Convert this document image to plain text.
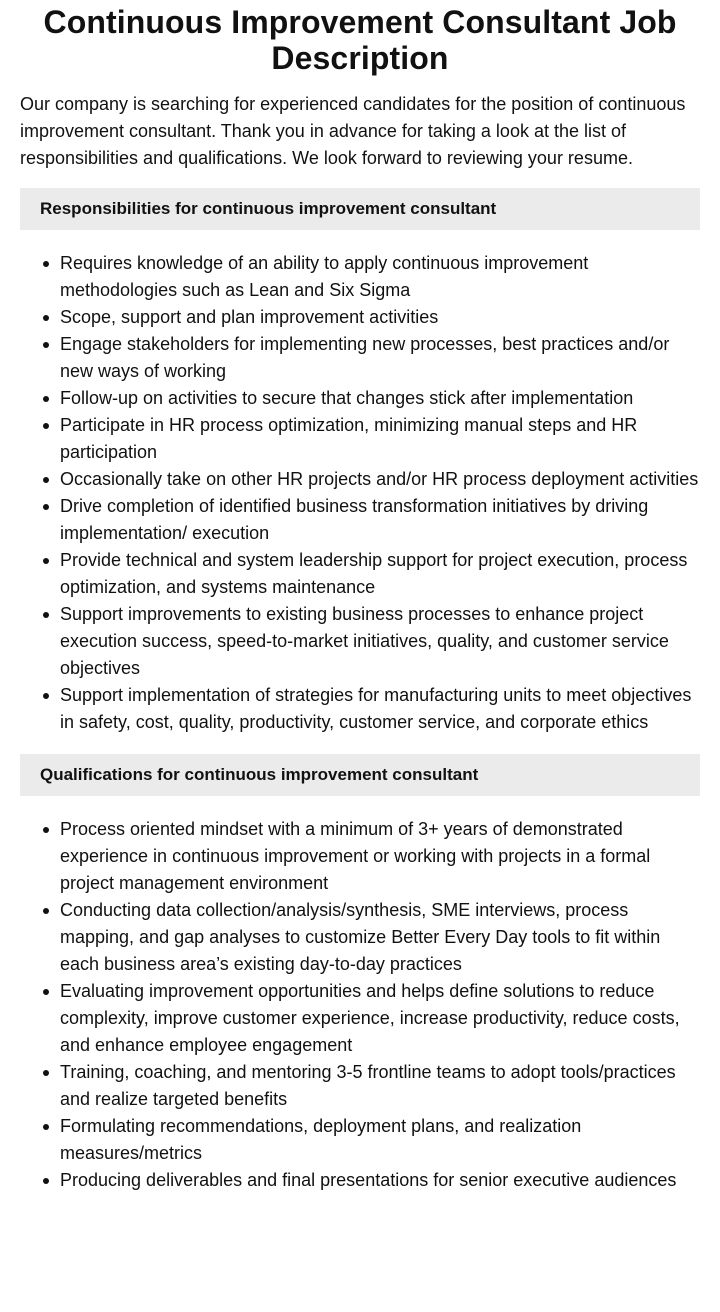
Continuous Improvement Consultant Job Description

Our company is searching for experienced candidates for the position of continuous improvement consultant. Thank you in advance for taking a look at the list of responsibilities and qualifications. We look forward to reviewing your resume.

Responsibilities for continuous improvement consultant
Requires knowledge of an ability to apply continuous improvement methodologies such as Lean and Six Sigma
Scope, support and plan improvement activities
Engage stakeholders for implementing new processes, best practices and/or new ways of working
Follow-up on activities to secure that changes stick after implementation
Participate in HR process optimization, minimizing manual steps and HR participation
Occasionally take on other HR projects and/or HR process deployment activities
Drive completion of identified business transformation initiatives by driving implementation/ execution
Provide technical and system leadership support for project execution, process optimization, and systems maintenance
Support improvements to existing business processes to enhance project execution success, speed-to-market initiatives, quality, and customer service objectives
Support implementation of strategies for manufacturing units to meet objectives in safety, cost, quality, productivity, customer service, and corporate ethics
Qualifications for continuous improvement consultant
Process oriented mindset with a minimum of 3+ years of demonstrated experience in continuous improvement or working with projects in a formal project management environment
Conducting data collection/analysis/synthesis, SME interviews, process mapping, and gap analyses to customize Better Every Day tools to fit within each business area’s existing day-to-day practices
Evaluating improvement opportunities and helps define solutions to reduce complexity, improve customer experience, increase productivity, reduce costs, and enhance employee engagement
Training, coaching, and mentoring 3-5 frontline teams to adopt tools/practices and realize targeted benefits
Formulating recommendations, deployment plans, and realization measures/metrics
Producing deliverables and final presentations for senior executive audiences
